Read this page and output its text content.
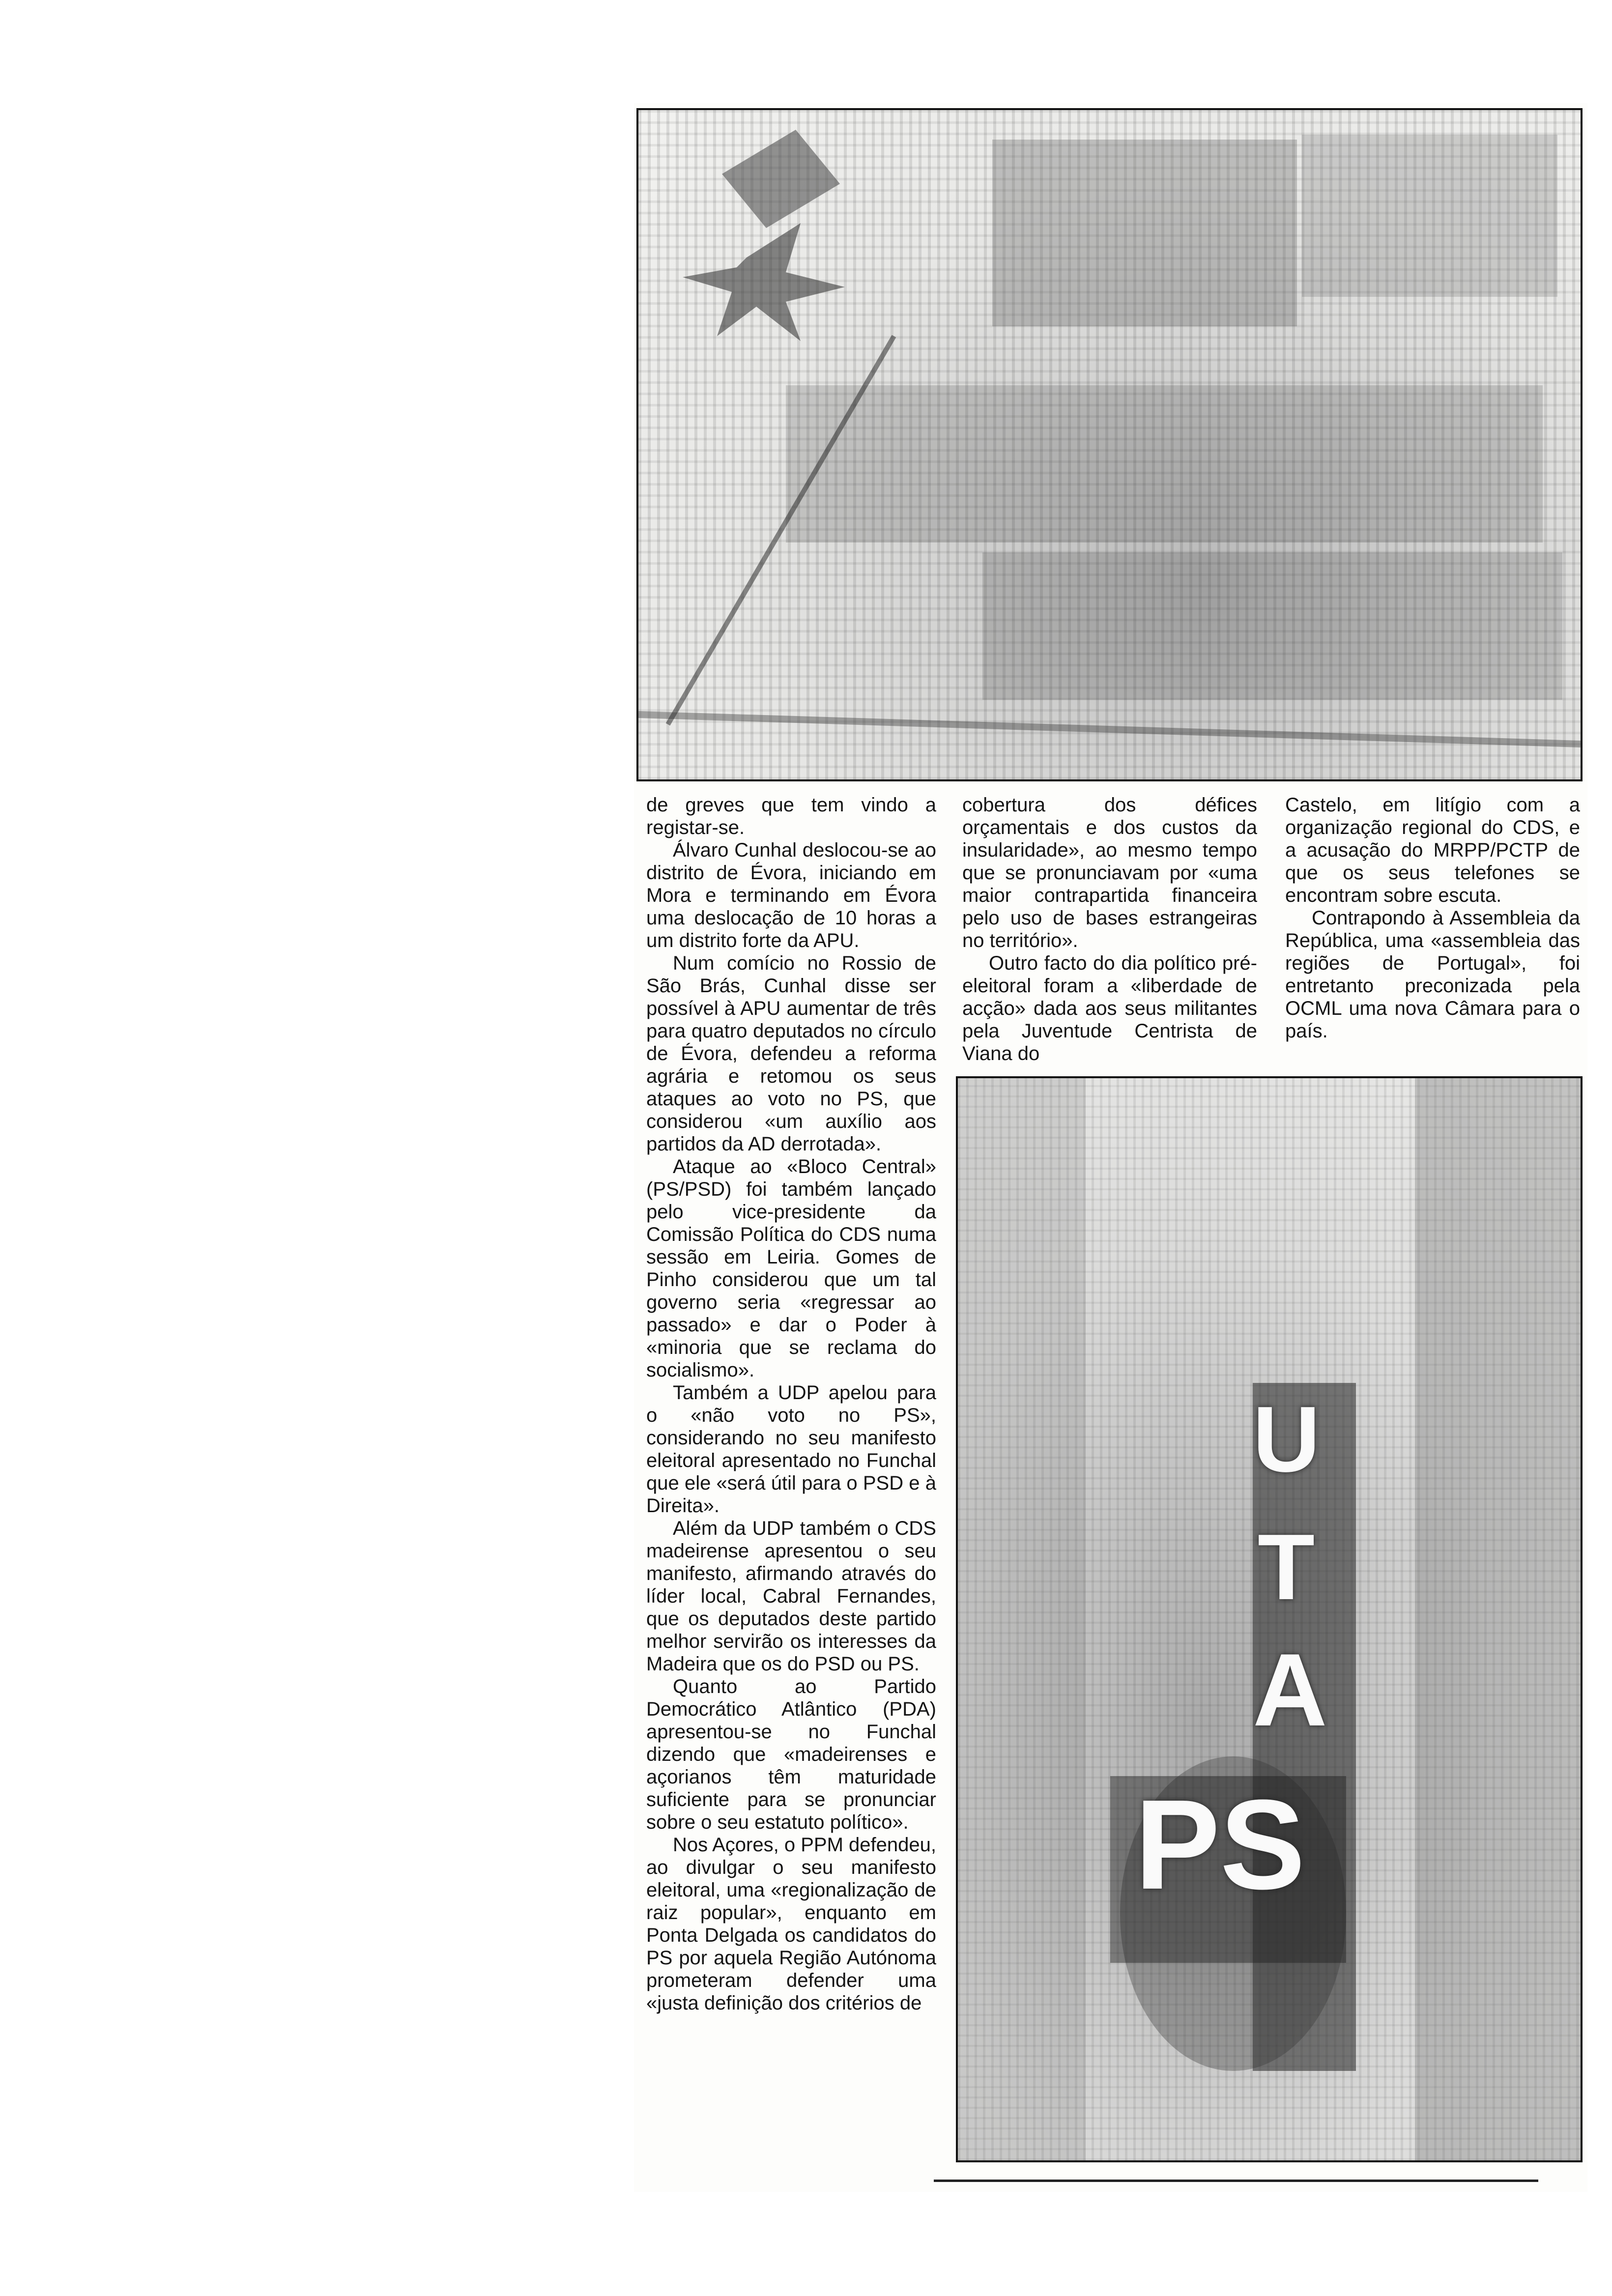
de greves que tem vindo a registar-se.

Álvaro Cunhal deslocou-se ao distrito de Évora, iniciando em Mora e terminando em Évora uma deslocação de 10 horas a um distrito forte da APU.

Num comício no Rossio de São Brás, Cunhal disse ser possível à APU aumentar de três para quatro deputados no círculo de Évora, defendeu a reforma agrária e retomou os seus ataques ao voto no PS, que considerou «um auxílio aos partidos da AD derrotada».

Ataque ao «Bloco Central» (PS/PSD) foi também lançado pelo vice-presidente da Comissão Política do CDS numa sessão em Leiria. Gomes de Pinho considerou que um tal governo seria «regressar ao passado» e dar o Poder à «minoria que se reclama do socialismo».

Também a UDP apelou para o «não voto no PS», considerando no seu manifesto eleitoral apresentado no Funchal que ele «será útil para o PSD e à Direita».

Além da UDP também o CDS madeirense apresentou o seu manifesto, afirmando através do líder local, Cabral Fernandes, que os deputados deste partido melhor servirão os interesses da Madeira que os do PSD ou PS.

Quanto ao Partido Democrático Atlântico (PDA) apresentou-se no Funchal dizendo que «madeirenses e açorianos têm maturidade suficiente para se pronunciar sobre o seu estatuto político».

Nos Açores, o PPM defendeu, ao divulgar o seu manifesto eleitoral, uma «regionalização de raiz popular», enquanto em Ponta Delgada os candidatos do PS por aquela Região Autónoma prometeram defender uma «justa definição dos critérios de

cobertura dos défices orçamentais e dos custos da insularidade», ao mesmo tempo que se pronunciavam por «uma maior contrapartida financeira pelo uso de bases estrangeiras no território».

Outro facto do dia político pré-eleitoral foram a «liberdade de acção» dada aos seus militantes pela Juventude Centrista de Viana do

Castelo, em litígio com a organização regional do CDS, e a acusação do MRPP/PCTP de que os seus telefones se encontram sobre escuta.

Contrapondo à Assembleia da República, uma «assembleia das regiões de Portugal», foi entretanto preconizada pela OCML uma nova Câmara para o país.

U
T
A
PS
